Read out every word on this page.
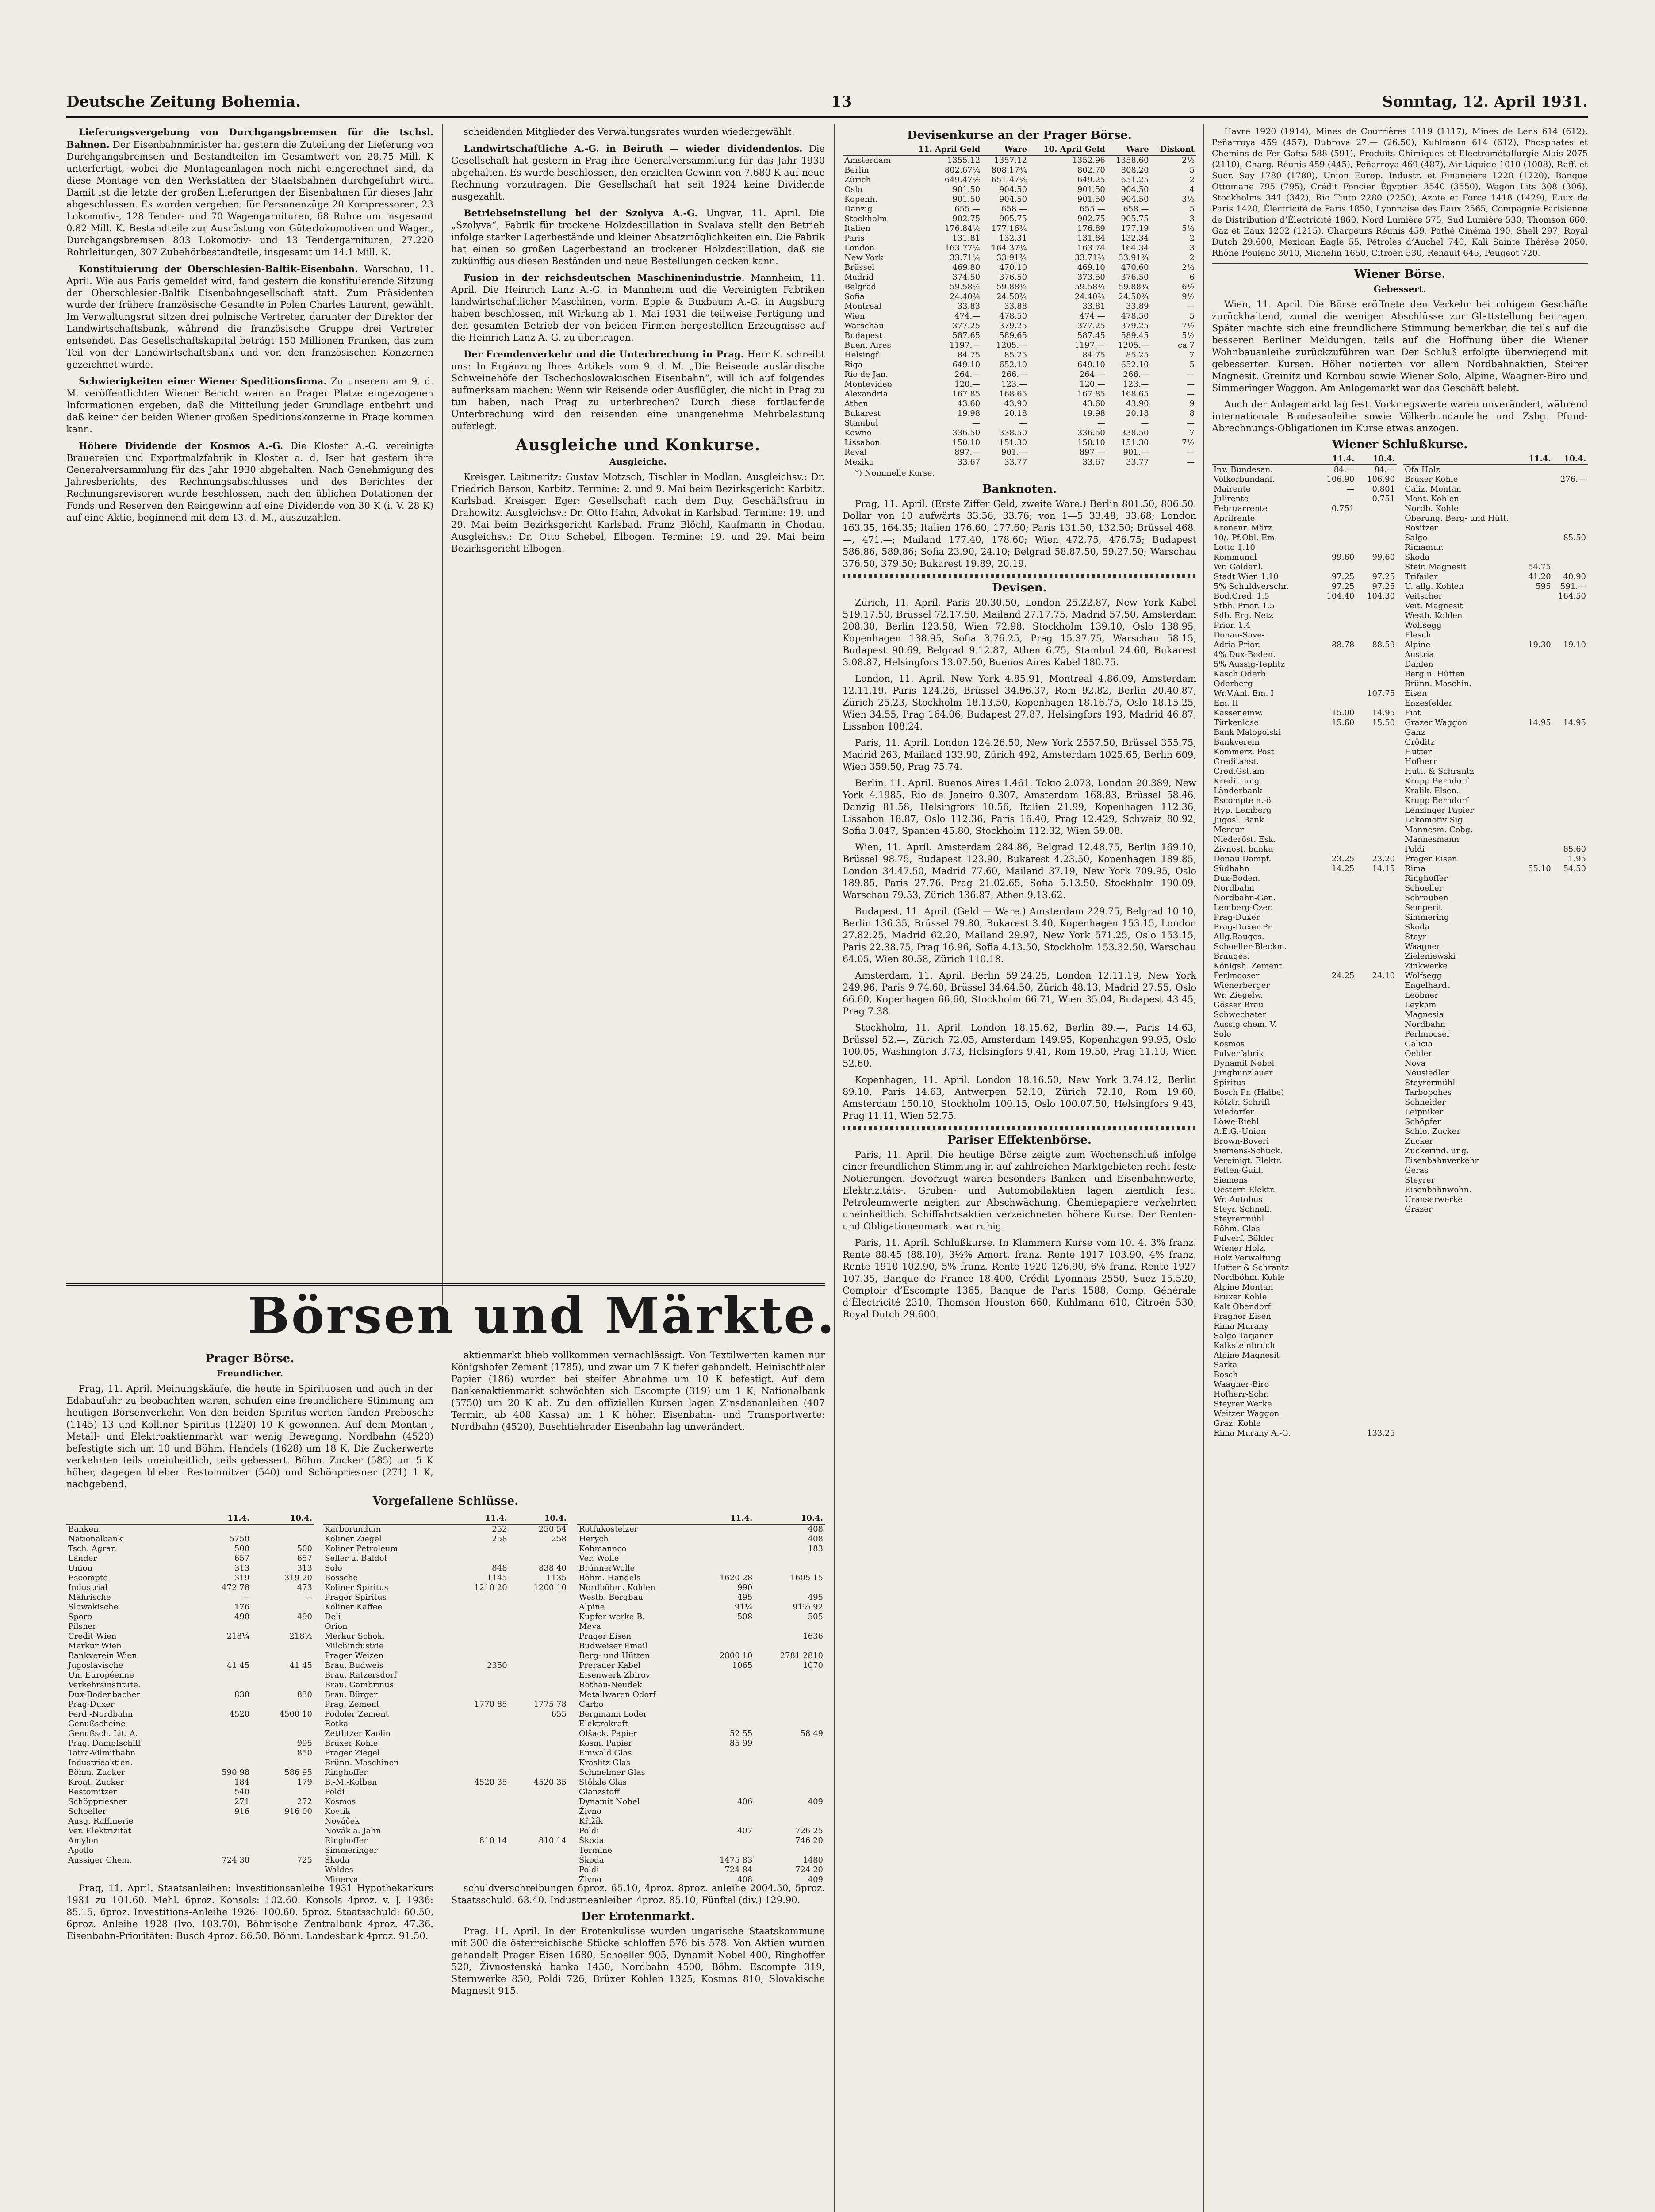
Deutsche Zeitung Bohemia.	13	Sonntag, 12. April 1931.

Lieferungsvergebung von Durchgangsbremsen für die tschsl. Bahnen. Der Eisenbahnminister hat gestern die Zuteilung der Lieferung von Durchgangsbremsen und Bestandteilen im Gesamtwert von 28.75 Mill. K unterfertigt, wobei die Montageanlagen noch nicht eingerechnet sind, da diese Montage von den Werkstätten der Staatsbahnen durchgeführt wird. Damit ist die letzte der großen Lieferungen der Eisenbahnen für dieses Jahr abgeschlossen. Es wurden vergeben: für Personenzüge 20 Kompressoren, 23 Lokomotiv-, 128 Tender- und 70 Wagengarnituren, 68 Rohre um insgesamt 0.82 Mill. K. Bestandteile zur Ausrüstung von Güterlokomotiven und Wagen, Durchgangsbremsen 803 Lokomotiv- und 13 Tendergarnituren, 27.220 Rohrleitungen, 307 Zubehörbestandteile, insgesamt um 14.1 Mill. K.

Konstituierung der Oberschlesien-Baltik-Eisenbahn. Warschau, 11. April. Wie aus Paris gemeldet wird, fand gestern die konstituierende Sitzung der Oberschlesien-Baltik Eisenbahngesellschaft statt. Zum Präsidenten wurde der frühere französische Gesandte in Polen Charles Laurent, gewählt. Im Verwaltungsrat sitzen drei polnische Vertreter, darunter der Direktor der Landwirtschaftsbank, während die französische Gruppe drei Vertreter entsendet. Das Gesellschaftskapital beträgt 150 Millionen Franken, das zum Teil von der Landwirtschaftsbank und von den französischen Konzernen gezeichnet wurde.

Schwierigkeiten einer Wiener Speditionsfirma. Zu unserem am 9. d. M. veröffentlichten Wiener Bericht waren an Prager Platze eingezogenen Informationen ergeben, daß die Mitteilung jeder Grundlage entbehrt und daß keiner der beiden Wiener großen Speditionskonzerne in Frage kommen kann.

Höhere Dividende der Kosmos A.-G. Die Kloster A.-G. vereinigte Brauereien und Exportmalzfabrik in Kloster a. d. Iser hat gestern ihre Generalversammlung für das Jahr 1930 abgehalten. Nach Genehmigung des Jahresberichts, des Rechnungsabschlusses und des Berichtes der Rechnungsrevisoren wurde beschlossen, nach den üblichen Dotationen der Fonds und Reserven den Reingewinn auf eine Dividende von 30 K (i. V. 28 K) auf eine Aktie, beginnend mit dem 13. d. M., auszuzahlen.

scheidenden Mitglieder des Verwaltungsrates wurden wiedergewählt.

Landwirtschaftliche A.-G. in Beiruth — wieder dividendenlos. Die Gesellschaft hat gestern in Prag ihre Generalversammlung für das Jahr 1930 abgehalten. Es wurde beschlossen, den erzielten Gewinn von 7.680 K auf neue Rechnung vorzutragen. Die Gesellschaft hat seit 1924 keine Dividende ausgezahlt.

Betriebseinstellung bei der Szolyva A.-G. Ungvar, 11. April. Die „Szolyva“, Fabrik für trockene Holzdestillation in Svalava stellt den Betrieb infolge starker Lagerbestände und kleiner Absatzmöglichkeiten ein. Die Fabrik hat einen so großen Lagerbestand an trockener Holzdestillation, daß sie zukünftig aus diesen Beständen und neue Bestellungen decken kann.

Fusion in der reichsdeutschen Maschinenindustrie. Mannheim, 11. April. Die Heinrich Lanz A.-G. in Mannheim und die Vereinigten Fabriken landwirtschaftlicher Maschinen, vorm. Epple & Buxbaum A.-G. in Augsburg haben beschlossen, mit Wirkung ab 1. Mai 1931 die teilweise Fertigung und den gesamten Betrieb der von beiden Firmen hergestellten Erzeugnisse auf die Heinrich Lanz A.-G. zu übertragen.

Der Fremdenverkehr und die Unterbrechung in Prag. Herr K. schreibt uns: In Ergänzung Ihres Artikels vom 9. d. M. „Die Reisende ausländische Schweinehöfe der Tschechoslowakischen Eisenbahn“, will ich auf folgendes aufmerksam machen: Wenn wir Reisende oder Ausflügler, die nicht in Prag zu tun haben, nach Prag zu unterbrechen? Durch diese fortlaufende Unterbrechung wird den reisenden eine unangenehme Mehrbelastung auferlegt.

Ausgleiche und Konkurse.
Ausgleiche.

Kreisger. Leitmeritz: Gustav Motzsch, Tischler in Modlan. Ausgleichsv.: Dr. Friedrich Berson, Karbitz. Termine: 2. und 9. Mai beim Bezirksgericht Karbitz. Karlsbad. Kreisger. Eger: Gesellschaft nach dem Duy, Geschäftsfrau in Drahowitz. Ausgleichsv.: Dr. Otto Hahn, Advokat in Karlsbad. Termine: 19. und 29. Mai beim Bezirksgericht Karlsbad. Franz Blöchl, Kaufmann in Chodau. Ausgleichsv.: Dr. Otto Schebel, Elbogen. Termine: 19. und 29. Mai beim Bezirksgericht Elbogen.

Börsen und Märkte.
Prager Börse.
Freundlicher.

Prag, 11. April. Meinungskäufe, die heute in Spirituosen und auch in der Edabaufuhr zu beobachten waren, schufen eine freundlichere Stimmung am heutigen Börsenverkehr. Von den beiden Spiritus-werten fanden Prebosche (1145) 13 und Kolliner Spiritus (1220) 10 K gewonnen. Auf dem Montan-, Metall- und Elektroaktienmarkt war wenig Bewegung. Nordbahn (4520) befestigte sich um 10 und Böhm. Handels (1628) um 18 K. Die Zuckerwerte verkehrten teils uneinheitlich, teils gebessert. Böhm. Zucker (585) um 5 K höher, dagegen blieben Restomnitzer (540) und Schönpriesner (271) 1 K, nachgebend.

aktienmarkt blieb vollkommen vernachlässigt. Von Textilwerten kamen nur Königshofer Zement (1785), und zwar um 7 K tiefer gehandelt. Heinischthaler Papier (186) wurden bei steifer Abnahme um 10 K befestigt. Auf dem Bankenaktienmarkt schwächten sich Escompte (319) um 1 K, Nationalbank (5750) um 20 K ab. Zu den offiziellen Kursen lagen Zinsdenanleihen (407 Termin, ab 408 Kassa) um 1 K höher. Eisenbahn- und Transportwerte: Nordbahn (4520), Buschtiehrader Eisenbahn lag unverändert.

Vorgefallene Schlüsse.
	11.4.	10.4.
Banken.		
Nationalbank	5750	
Tsch. Agrar.	500	500
Länder	657	657
Union	313	313
Escompte	319	319 20
Industrial	472 78	473
Mährische	—	—
Slowakische	176	
Sporo	490	490
Pilsner		
Credit Wien	218¼	218½
Merkur Wien		
Bankverein Wien		
Jugoslavische	41 45	41 45
Un. Européenne		
Verkehrsinstitute.		
Dux-Bodenbacher	830	830
Prag-Duxer		
Ferd.-Nordbahn	4520	4500 10
Genußscheine		
Genußsch. Lit. A.		
Prag. Dampfschiff		995
Tatra-Vilmitbahn		850
Industrieaktien.		
Böhm. Zucker	590 98	586 95
Kroat. Zucker	184	179
Restomitzer	540	
Schöppriesner	271	272
Schoeller	916	916 00
Ausg. Raffinerie		
Ver. Elektrizität		
Amylon		
Apollo		
Aussiger Chem.	724 30	725
	11.4.	10.4.
Karborundum	252	250 54
Koliner Ziegel	258	258
Koliner Petroleum		
Seller u. Baldot		
Solo	848	838 40
Bossche	1145	1135
Koliner Spiritus	1210 20	1200 10
Prager Spiritus		
Koliner Kaffee		
Deli		
Orion		
Merkur Schok.		
Milchindustrie		
Prager Weizen		
Brau. Budweis	2350	
Brau. Ratzersdorf		
Brau. Gambrinus		
Brau. Bürger		
Prag. Zement	1770 85	1775 78
Podoler Zement		655
Rotka		
Zettlitzer Kaolin		
Brüxer Kohle		
Prager Ziegel		
Brünn. Maschinen		
Ringhoffer		
B.-M.-Kolben	4520 35	4520 35
Poldi		
Kosmos		
Kovtik		
Nováček		
Novák a. Jahn		
Ringhoffer	810 14	810 14
Simmeringer		
Škoda		
Waldes		
Minerva		
	11.4.	10.4.
Rotfukostelzer		408
Herych		408
Kohmannco		183
Ver. Wolle		
BrünnerWolle		
Böhm. Handels	1620 28	1605 15
Nordböhm. Kohlen	990	
Westb. Bergbau	495	495
Alpine	91¼	91⅝ 92
Kupfer-werke B.	508	505
Meva		
Prager Eisen		1636
Budweiser Email		
Berg- und Hütten	2800 10	2781 2810
Prerauer Kabel	1065	1070
Eisenwerk Zbirov		
Rothau-Neudek		
Metallwaren Odorf		
Carbo		
Bergmann Loder		
Elektrokraft		
Olšack. Papier	52 55	58 49
Kosm. Papier	85 99	
Emwald Glas		
Kraslitz Glas		
Schmelmer Glas		
Stölzle Glas		
Glanzstoff		
Dynamit Nobel	406	409
Živno		
Křižík		
Poldi	407	726 25
Škoda		746 20
Termine		
Škoda	1475 83	1480
Poldi	724 84	724 20
Živno	408	409

Prag, 11. April. Staatsanleihen: Investitionsanleihe 1931 Hypothekarkurs 1931 zu 101.60. Mehl. 6proz. Konsols: 102.60. Konsols 4proz. v. J. 1936: 85.15, 6proz. Investitions-Anleihe 1926: 100.60. 5proz. Staatsschuld: 60.50, 6proz. Anleihe 1928 (Ivo. 103.70), Böhmische Zentralbank 4proz. 47.36. Eisenbahn-Prioritäten: Busch 4proz. 86.50, Böhm. Landesbank 4proz. 91.50.

schuldverschreibungen 6proz. 65.10, 4proz. 8proz. anleihe 2004.50, 5proz. Staatsschuld. 63.40. Industrieanleihen 4proz. 85.10, Fünftel (div.) 129.90.

Der Erotenmarkt.

Prag, 11. April. In der Erotenkulisse wurden ungarische Staatskommune mit 300 die österreichische Stücke schloffen 576 bis 578. Von Aktien wurden gehandelt Prager Eisen 1680, Schoeller 905, Dynamit Nobel 400, Ringhoffer 520, Živnostenská banka 1450, Nordbahn 4500, Böhm. Escompte 319, Sternwerke 850, Poldi 726, Brüxer Kohlen 1325, Kosmos 810, Slovakische Magnesit 915.

Devisenkurse an der Prager Börse.
	11. April Geld	Ware	10. April Geld	Ware	Diskont
Amsterdam	1355.12	1357.12	1352.96	1358.60	2½
Berlin	802.67¼	808.17¾	802.70	808.20	5
Zürich	649.47½	651.47½	649.25	651.25	2
Oslo	901.50	904.50	901.50	904.50	4
Kopenh.	901.50	904.50	901.50	904.50	3½
Danzig	655.—	658.—	655.—	658.—	5
Stockholm	902.75	905.75	902.75	905.75	3
Italien	176.84¼	177.16¾	176.89	177.19	5½
Paris	131.81	132.31	131.84	132.34	2
London	163.77¼	164.37¾	163.74	164.34	3
New York	33.71¼	33.91¾	33.71¾	33.91¾	2
Brüssel	469.80	470.10	469.10	470.60	2½
Madrid	374.50	376.50	373.50	376.50	6
Belgrad	59.58¼	59.88¾	59.58¼	59.88¾	6½
Sofia	24.40¾	24.50¾	24.40¾	24.50¾	9½
Montreal	33.83	33.88	33.81	33.89	—
Wien	474.—	478.50	474.—	478.50	5
Warschau	377.25	379.25	377.25	379.25	7½
Budapest	587.65	589.65	587.45	589.45	5½
Buen. Aires	1197.—	1205.—	1197.—	1205.—	ca 7
Helsingf.	84.75	85.25	84.75	85.25	7
Riga	649.10	652.10	649.10	652.10	5
Rio de Jan.	264.—	266.—	264.—	266.—	—
Montevideo	120.—	123.—	120.—	123.—	—
Alexandria	167.85	168.65	167.85	168.65	—
Athen	43.60	43.90	43.60	43.90	9
Bukarest	19.98	20.18	19.98	20.18	8
Stambul	—	—	—	—	—
Kowno	336.50	338.50	336.50	338.50	7
Lissabon	150.10	151.30	150.10	151.30	7½
Reval	897.—	901.—	897.—	901.—	—
Mexiko	33.67	33.77	33.67	33.77	—

*) Nominelle Kurse.

Banknoten.

Prag, 11. April. (Erste Ziffer Geld, zweite Ware.) Berlin 801.50, 806.50. Dollar von 10 aufwärts 33.56, 33.76; von 1—5 33.48, 33.68; London 163.35, 164.35; Italien 176.60, 177.60; Paris 131.50, 132.50; Brüssel 468.—, 471.—; Mailand 177.40, 178.60; Wien 472.75, 476.75; Budapest 586.86, 589.86; Sofia 23.90, 24.10; Belgrad 58.87.50, 59.27.50; Warschau 376.50, 379.50; Bukarest 19.89, 20.19.

Devisen.

Zürich, 11. April. Paris 20.30.50, London 25.22.87, New York Kabel 519.17.50, Brüssel 72.17.50, Mailand 27.17.75, Madrid 57.50, Amsterdam 208.30, Berlin 123.58, Wien 72.98, Stockholm 139.10, Oslo 138.95, Kopenhagen 138.95, Sofia 3.76.25, Prag 15.37.75, Warschau 58.15, Budapest 90.69, Belgrad 9.12.87, Athen 6.75, Stambul 24.60, Bukarest 3.08.87, Helsingfors 13.07.50, Buenos Aires Kabel 180.75.

London, 11. April. New York 4.85.91, Montreal 4.86.09, Amsterdam 12.11.19, Paris 124.26, Brüssel 34.96.37, Rom 92.82, Berlin 20.40.87, Zürich 25.23, Stockholm 18.13.50, Kopenhagen 18.16.75, Oslo 18.15.25, Wien 34.55, Prag 164.06, Budapest 27.87, Helsingfors 193, Madrid 46.87, Lissabon 108.24.

Paris, 11. April. London 124.26.50, New York 2557.50, Brüssel 355.75, Madrid 263, Mailand 133.90, Zürich 492, Amsterdam 1025.65, Berlin 609, Wien 359.50, Prag 75.74.

Berlin, 11. April. Buenos Aires 1.461, Tokio 2.073, London 20.389, New York 4.1985, Rio de Janeiro 0.307, Amsterdam 168.83, Brüssel 58.46, Danzig 81.58, Helsingfors 10.56, Italien 21.99, Kopenhagen 112.36, Lissabon 18.87, Oslo 112.36, Paris 16.40, Prag 12.429, Schweiz 80.92, Sofia 3.047, Spanien 45.80, Stockholm 112.32, Wien 59.08.

Wien, 11. April. Amsterdam 284.86, Belgrad 12.48.75, Berlin 169.10, Brüssel 98.75, Budapest 123.90, Bukarest 4.23.50, Kopenhagen 189.85, London 34.47.50, Madrid 77.60, Mailand 37.19, New York 709.95, Oslo 189.85, Paris 27.76, Prag 21.02.65, Sofia 5.13.50, Stockholm 190.09, Warschau 79.53, Zürich 136.87, Athen 9.13.62.

Budapest, 11. April. (Geld — Ware.) Amsterdam 229.75, Belgrad 10.10, Berlin 136.35, Brüssel 79.80, Bukarest 3.40, Kopenhagen 153.15, London 27.82.25, Madrid 62.20, Mailand 29.97, New York 571.25, Oslo 153.15, Paris 22.38.75, Prag 16.96, Sofia 4.13.50, Stockholm 153.32.50, Warschau 64.05, Wien 80.58, Zürich 110.18.

Amsterdam, 11. April. Berlin 59.24.25, London 12.11.19, New York 249.96, Paris 9.74.60, Brüssel 34.64.50, Zürich 48.13, Madrid 27.55, Oslo 66.60, Kopenhagen 66.60, Stockholm 66.71, Wien 35.04, Budapest 43.45, Prag 7.38.

Stockholm, 11. April. London 18.15.62, Berlin 89.—, Paris 14.63, Brüssel 52.—, Zürich 72.05, Amsterdam 149.95, Kopenhagen 99.95, Oslo 100.05, Washington 3.73, Helsingfors 9.41, Rom 19.50, Prag 11.10, Wien 52.60.

Kopenhagen, 11. April. London 18.16.50, New York 3.74.12, Berlin 89.10, Paris 14.63, Antwerpen 52.10, Zürich 72.10, Rom 19.60, Amsterdam 150.10, Stockholm 100.15, Oslo 100.07.50, Helsingfors 9.43, Prag 11.11, Wien 52.75.

Pariser Effektenbörse.

Paris, 11. April. Die heutige Börse zeigte zum Wochenschluß infolge einer freundlichen Stimmung in auf zahlreichen Marktgebieten recht feste Notierungen. Bevorzugt waren besonders Banken- und Eisenbahnwerte, Elektrizitäts-, Gruben- und Automobilaktien lagen ziemlich fest. Petroleumwerte neigten zur Abschwächung. Chemiepapiere verkehrten uneinheitlich. Schiffahrtsaktien verzeichneten höhere Kurse. Der Renten- und Obligationenmarkt war ruhig.

Paris, 11. April. Schlußkurse. In Klammern Kurse vom 10. 4. 3% franz. Rente 88.45 (88.10), 3½% Amort. franz. Rente 1917 103.90, 4% franz. Rente 1918 102.90, 5% franz. Rente 1920 126.90, 6% franz. Rente 1927 107.35, Banque de France 18.400, Crédit Lyonnais 2550, Suez 15.520, Comptoir d’Escompte 1365, Banque de Paris 1588, Comp. Générale d’Électricité 2310, Thomson Houston 660, Kuhlmann 610, Citroën 530, Royal Dutch 29.600.

Havre 1920 (1914), Mines de Courrières 1119 (1117), Mines de Lens 614 (612), Peñarroya 459 (457), Dubrova 27.— (26.50), Kuhlmann 614 (612), Phosphates et Chemins de Fer Gafsa 588 (591), Produits Chimiques et Electrométallurgie Alais 2075 (2110), Charg. Réunis 459 (445), Peñarroya 469 (487), Air Liquide 1010 (1008), Raff. et Sucr. Say 1780 (1780), Union Europ. Industr. et Financière 1220 (1220), Banque Ottomane 795 (795), Crédit Foncier Égyptien 3540 (3550), Wagon Lits 308 (306), Stockholms 341 (342), Rio Tinto 2280 (2250), Azote et Force 1418 (1429), Eaux de Paris 1420, Électricité de Paris 1850, Lyonnaise des Eaux 2565, Compagnie Parisienne de Distribution d’Électricité 1860, Nord Lumière 575, Sud Lumière 530, Thomson 660, Gaz et Eaux 1202 (1215), Chargeurs Réunis 459, Pathé Cinéma 190, Shell 297, Royal Dutch 29.600, Mexican Eagle 55, Pétroles d’Auchel 740, Kali Sainte Thérèse 2050, Rhône Poulenc 3010, Michelin 1650, Citroën 530, Renault 645, Peugeot 720.

Wiener Börse.
Gebessert.

Wien, 11. April. Die Börse eröffnete den Verkehr bei ruhigem Geschäfte zurückhaltend, zumal die wenigen Abschlüsse zur Glattstellung beitragen. Später machte sich eine freundlichere Stimmung bemerkbar, die teils auf die besseren Berliner Meldungen, teils auf die Hoffnung über die Wiener Wohnbauanleihe zurückzuführen war. Der Schluß erfolgte überwiegend mit gebesserten Kursen. Höher notierten vor allem Nordbahnaktien, Steirer Magnesit, Greinitz und Kornbau sowie Wiener Solo, Alpine, Waagner-Biro und Simmeringer Waggon. Am Anlagemarkt war das Geschäft belebt.

Auch der Anlagemarkt lag fest. Vorkriegswerte waren unverändert, während internationale Bundesanleihe sowie Völkerbundanleihe und Zsbg. Pfund-Abrechnungs-Obligationen im Kurse etwas anzogen.

Wiener Schlußkurse.
	11.4.	10.4.
Inv. Bundesan.	84.—	84.—
Völkerbundanl.	106.90	106.90
Mairente	—	0.801
Julirente	—	0.751
Februarrente	0.751	
Aprilrente		
Kronenr. März		
10/. Pf.Obl. Em.		
Lotto 1.10		
Kommunal	99.60	99.60
Wr. Goldanl.		
Stadt Wien 1.10	97.25	97.25
5% Schuldverschr.	97.25	97.25
Bod.Cred. 1.5	104.40	104.30
Stbh. Prior. 1.5		
Sdb. Erg. Netz		
Prior. 1.4		
Donau-Save-		
Adria-Prior.	88.78	88.59
4% Dux-Boden.		
5% Aussig-Teplitz		
Kasch.Oderb.		
Oderberg		
Wr.V.Anl. Em. I		107.75
Em. II		
Kasseneinw.	15.00	14.95
Türkenlose	15.60	15.50
Bank Malopolski		
Bankverein		
Kommerz. Post		
Creditanst.		
Cred.Gst.am		
Kredit. ung.		
Länderbank		
Escompte n.-ö.		
Hyp. Lemberg		
Jugosl. Bank		
Mercur		
Niederöst. Esk.		
Živnost. banka		
Donau Dampf.	23.25	23.20
Südbahn	14.25	14.15
Dux-Boden.		
Nordbahn		
Nordbahn-Gen.		
Lemberg-Czer.		
Prag-Duxer		
Prag-Duxer Pr.		
Allg.Bauges.		
Schoeller-Bleckm.		
Brauges.		
Königsh. Zement		
Perlmooser	24.25	24.10
Wienerberger		
Wr. Ziegelw.		
Gösser Brau		
Schwechater		
Aussig chem. V.		
Solo		
Kosmos		
Pulverfabrik		
Dynamit Nobel		
Jungbunzlauer		
Spiritus		
Bosch Pr. (Halbe)		
Kötztr. Schrift		
Wiedorfer		
Löwe-Riehl		
A.E.G.-Union		
Brown-Boveri		
Siemens-Schuck.		
Vereinigt. Elektr.		
Felten-Guill.		
Siemens		
Oesterr. Elektr.		
Wr. Autobus		
Steyr. Schnell.		
Steyrermühl		
Böhm.-Glas		
Pulverf. Böhler		
Wiener Holz.		
Holz Verwaltung		
Hutter & Schrantz		
Nordböhm. Kohle		
Alpine Montan		
Brüxer Kohle		
Kalt Obendorf		
Pragner Eisen		
Rima Murany		
Salgo Tarjaner		
Kalksteinbruch		
Alpine Magnesit		
Sarka		
Bosch		
Waagner-Biro		
Hofherr-Schr.		
Steyrer Werke		
Weitzer Waggon		
Graz. Kohle		
Rima Murany A.-G.		133.25
	11.4.	10.4.
Ofa Holz		
Brüxer Kohle		276.—
Galiz. Montan		
Mont. Kohlen		
Nordb. Kohle		
Oberung. Berg- und Hütt.		
Rositzer		
Salgo		85.50
Rimamur.		
Skoda		
Steir. Magnesit	54.75	
Trifailer	41.20	40.90
U. allg. Kohlen	595	591.—
Veitscher		164.50
Veit. Magnesit		
Westb. Kohlen		
Wolfsegg		
Flesch		
Alpine	19.30	19.10
Austria		
Dahlen		
Berg u. Hütten		
Brünn. Maschin.		
Eisen		
Enzesfelder		
Fiat		
Grazer Waggon	14.95	14.95
Ganz		
Gröditz		
Hutter		
Hofherr		
Hutt. & Schrantz		
Krupp Berndorf		
Kralik. Elsen.		
Krupp Berndorf		
Lenzinger Papier		
Lokomotiv Sig.		
Mannesm. Cobg.		
Mannesmann		
Poldi		85.60
Prager Eisen		1.95
Rima	55.10	54.50
Ringhoffer		
Schoeller		
Schrauben		
Semperit		
Simmering		
Skoda		
Steyr		
Waagner		
Zieleniewski		
Zinkwerke		
Wolfsegg		
Engelhardt		
Leobner		
Leykam		
Magnesia		
Nordbahn		
Perlmooser		
Galicia		
Oehler		
Nova		
Neusiedler		
Steyrermühl		
Tarbopohes		
Schneider		
Leipniker		
Schöpfer		
Schlo. Zucker		
Zucker		
Zuckerind. ung.		
Eisenbahnverkehr		
Geras		
Steyrer		
Eisenbahnwohn.		
Uranserwerke		
Grazer		
